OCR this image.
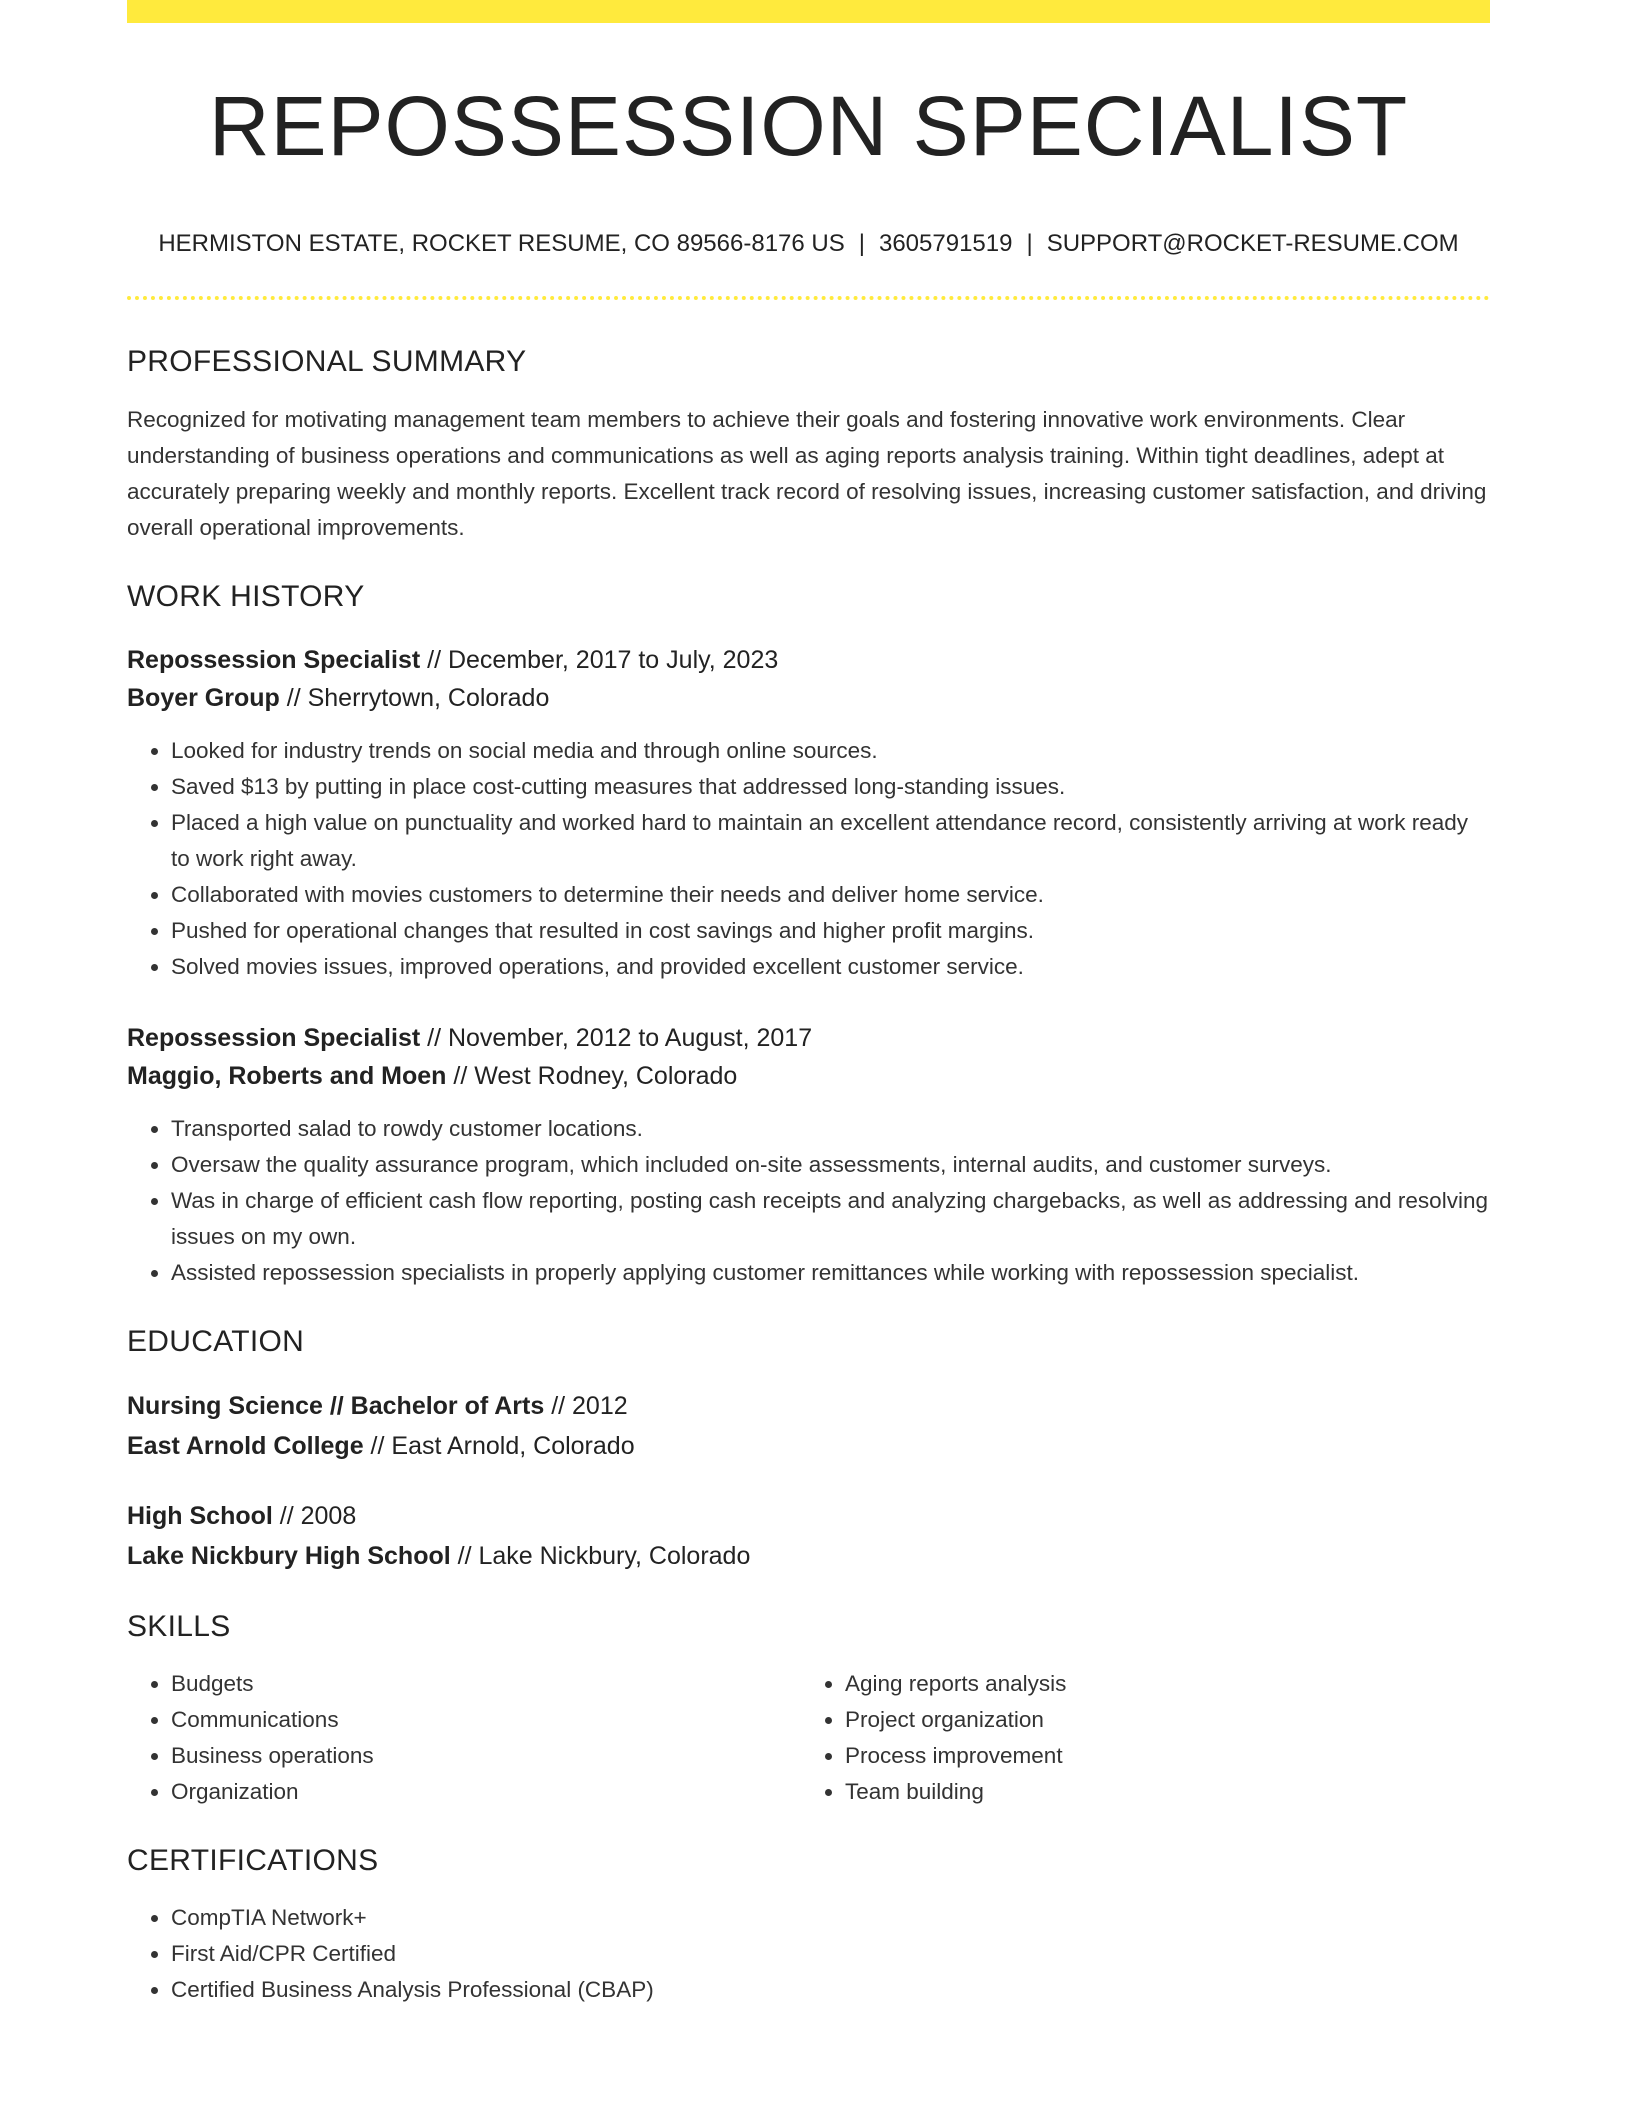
REPOSSESSION SPECIALIST
HERMISTON ESTATE, ROCKET RESUME, CO 89566-8176 US | 3605791519 | SUPPORT@ROCKET-RESUME.COM
PROFESSIONAL SUMMARY
Recognized for motivating management team members to achieve their goals and fostering innovative work environments. Clear understanding of business operations and communications as well as aging reports analysis training. Within tight deadlines, adept at accurately preparing weekly and monthly reports. Excellent track record of resolving issues, increasing customer satisfaction, and driving overall operational improvements.
WORK HISTORY
Repossession Specialist // December, 2017 to July, 2023
Boyer Group // Sherrytown, Colorado
• Looked for industry trends on social media and through online sources.
• Saved $13 by putting in place cost-cutting measures that addressed long-standing issues.
• Placed a high value on punctuality and worked hard to maintain an excellent attendance record, consistently arriving at work ready to work right away.
• Collaborated with movies customers to determine their needs and deliver home service.
• Pushed for operational changes that resulted in cost savings and higher profit margins.
• Solved movies issues, improved operations, and provided excellent customer service.
Repossession Specialist // November, 2012 to August, 2017
Maggio, Roberts and Moen // West Rodney, Colorado
• Transported salad to rowdy customer locations.
• Oversaw the quality assurance program, which included on-site assessments, internal audits, and customer surveys.
• Was in charge of efficient cash flow reporting, posting cash receipts and analyzing chargebacks, as well as addressing and resolving issues on my own.
• Assisted repossession specialists in properly applying customer remittances while working with repossession specialist.
EDUCATION
Nursing Science // Bachelor of Arts // 2012
East Arnold College // East Arnold, Colorado
High School // 2008
Lake Nickbury High School // Lake Nickbury, Colorado
SKILLS
• Budgets
• Communications
• Business operations
• Organization
• Aging reports analysis
• Project organization
• Process improvement
• Team building
CERTIFICATIONS
• CompTIA Network+
• First Aid/CPR Certified
• Certified Business Analysis Professional (CBAP)
